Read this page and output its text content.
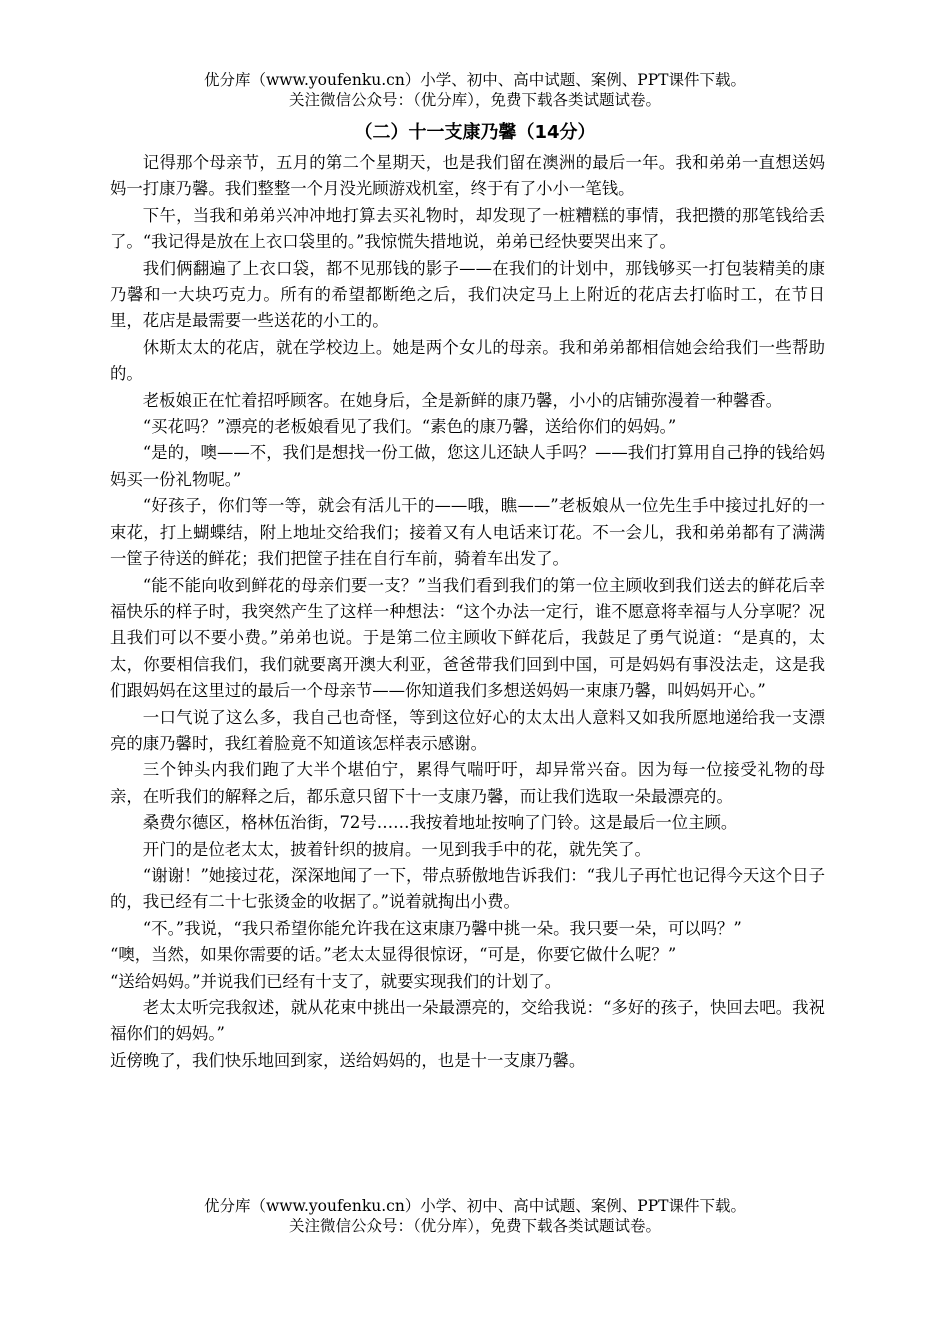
优分库（www.youfenku.cn）小学、初中、高中试题、案例、PPT课件下载。
关注微信公众号：（优分库），免费下载各类试题试卷。
（二）十一支康乃馨（14分）

记得那个母亲节，五月的第二个星期天，也是我们留在澳洲的最后一年。我和弟弟一直想送妈妈一打康乃馨。我们整整一个月没光顾游戏机室，终于有了小小一笔钱。

下午，当我和弟弟兴冲冲地打算去买礼物时，却发现了一桩糟糕的事情，我把攒的那笔钱给丢了。“我记得是放在上衣口袋里的。”我惊慌失措地说，弟弟已经快要哭出来了。

我们俩翻遍了上衣口袋，都不见那钱的影子——在我们的计划中，那钱够买一打包装精美的康乃馨和一大块巧克力。所有的希望都断绝之后，我们决定马上上附近的花店去打临时工，在节日里，花店是最需要一些送花的小工的。

休斯太太的花店，就在学校边上。她是两个女儿的母亲。我和弟弟都相信她会给我们一些帮助的。

老板娘正在忙着招呼顾客。在她身后，全是新鲜的康乃馨，小小的店铺弥漫着一种馨香。

“买花吗？”漂亮的老板娘看见了我们。“素色的康乃馨，送给你们的妈妈。”

“是的，噢——不，我们是想找一份工做，您这儿还缺人手吗？——我们打算用自己挣的钱给妈妈买一份礼物呢。”

“好孩子，你们等一等，就会有活儿干的——哦，瞧——”老板娘从一位先生手中接过扎好的一束花，打上蝴蝶结，附上地址交给我们；接着又有人电话来订花。不一会儿，我和弟弟都有了满满一筐子待送的鲜花；我们把筐子挂在自行车前，骑着车出发了。

“能不能向收到鲜花的母亲们要一支？”当我们看到我们的第一位主顾收到我们送去的鲜花后幸福快乐的样子时，我突然产生了这样一种想法：“这个办法一定行，谁不愿意将幸福与人分享呢？况且我们可以不要小费。”弟弟也说。于是第二位主顾收下鲜花后，我鼓足了勇气说道：“是真的，太太，你要相信我们，我们就要离开澳大利亚，爸爸带我们回到中国，可是妈妈有事没法走，这是我们跟妈妈在这里过的最后一个母亲节——你知道我们多想送妈妈一束康乃馨，叫妈妈开心。”

一口气说了这么多，我自己也奇怪，等到这位好心的太太出人意料又如我所愿地递给我一支漂亮的康乃馨时，我红着脸竟不知道该怎样表示感谢。

三个钟头内我们跑了大半个堪伯宁，累得气喘吁吁，却异常兴奋。因为每一位接受礼物的母亲，在听我们的解释之后，都乐意只留下十一支康乃馨，而让我们选取一朵最漂亮的。

桑费尔德区，格林伍治街，72号……我按着地址按响了门铃。这是最后一位主顾。

开门的是位老太太，披着针织的披肩。一见到我手中的花，就先笑了。

“谢谢！”她接过花，深深地闻了一下，带点骄傲地告诉我们：“我儿子再忙也记得今天这个日子的，我已经有二十七张烫金的收据了。”说着就掏出小费。

“不。”我说，“我只希望你能允许我在这束康乃馨中挑一朵。我只要一朵，可以吗？”

“噢，当然，如果你需要的话。”老太太显得很惊讶，“可是，你要它做什么呢？”

“送给妈妈。”并说我们已经有十支了，就要实现我们的计划了。

老太太听完我叙述，就从花束中挑出一朵最漂亮的，交给我说：“多好的孩子，快回去吧。我祝福你们的妈妈。”

近傍晚了，我们快乐地回到家，送给妈妈的，也是十一支康乃馨。

优分库（www.youfenku.cn）小学、初中、高中试题、案例、PPT课件下载。
关注微信公众号：（优分库），免费下载各类试题试卷。
